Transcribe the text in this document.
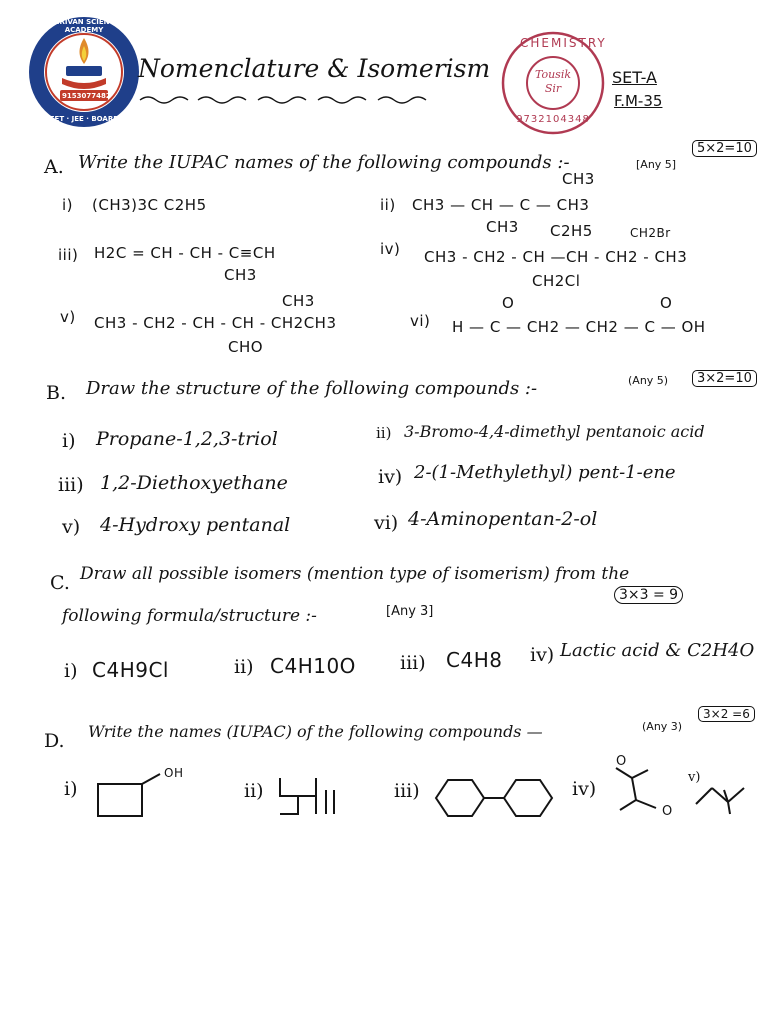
9153077482
SHRIVAN SCIENCE ACADEMY
NEET · JEE · BOARDS
Nomenclature & Isomerism
CHEMISTRY
Tousik
Sir
9732104348
SET-A
F.M-35
A. Write the IUPAC names of the following compounds :-	[Any 5]
5×2=10
i) (CH3)3C C2H5	ii)
CH3
CH3 — CH — C — CH3
CH3 C2H5
iii) H2C = CH - CH - C≡CH
CH3
iv)
CH2Br
CH3 - CH2 - CH —CH - CH2 - CH3
CH2Cl
v)
CH3
CH3 - CH2 - CH - CH - CH2CH3
CHO
vi)
O	O
H — C — CH2 — CH2 — C — OH
B. Draw the structure of the following compounds :-	(Any 5)	3×2=10
i) Propane-1,2,3-triol	ii) 3-Bromo-4,4-dimethyl pentanoic acid
iii) 1,2-Diethoxyethane	iv) 2-(1-Methylethyl) pent-1-ene
v) 4-Hydroxy pentanal	vi) 4-Aminopentan-2-ol
C. Draw all possible isomers (mention type of isomerism) from the
following formula/structure :-	[Any 3]
3×3 = 9
i) C4H9Cl	ii) C4H10O iii) C4H8 iv) Lactic acid & C2H4O
D. Write the names (IUPAC) of the following compounds —	(Any 3)
3×2 =6
i)
OH
ii)	iii)	iv)
O
O
v)
